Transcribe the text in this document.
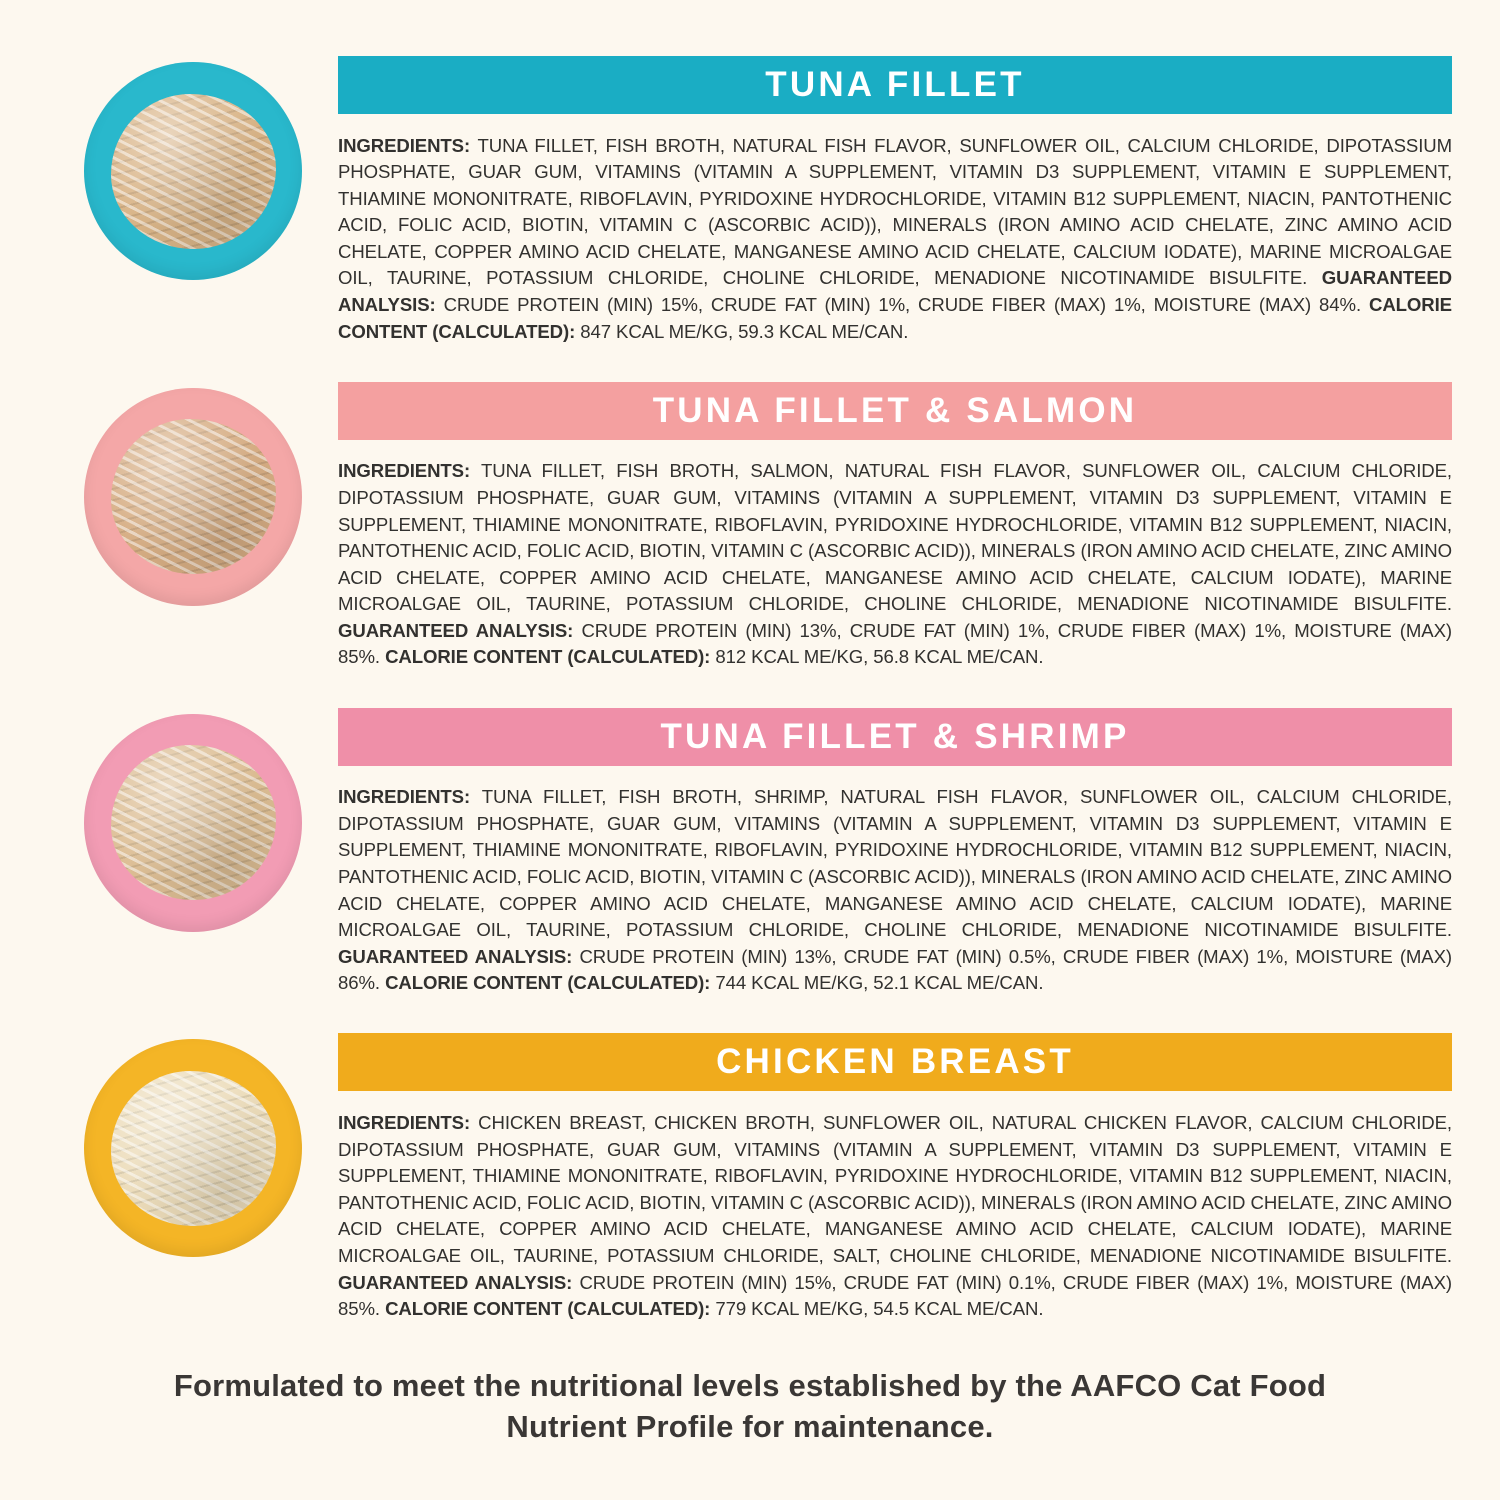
TUNA FILLET

INGREDIENTS: TUNA FILLET, FISH BROTH, NATURAL FISH FLAVOR, SUNFLOWER OIL, CALCIUM CHLORIDE, DIPOTASSIUM PHOSPHATE, GUAR GUM, VITAMINS (VITAMIN A SUPPLEMENT, VITAMIN D3 SUPPLEMENT, VITAMIN E SUPPLEMENT, THIAMINE MONONITRATE, RIBOFLAVIN, PYRIDOXINE HYDROCHLORIDE, VITAMIN B12 SUPPLEMENT, NIACIN, PANTOTHENIC ACID, FOLIC ACID, BIOTIN, VITAMIN C (ASCORBIC ACID)), MINERALS (IRON AMINO ACID CHELATE, ZINC AMINO ACID CHELATE, COPPER AMINO ACID CHELATE, MANGANESE AMINO ACID CHELATE, CALCIUM IODATE), MARINE MICROALGAE OIL, TAURINE, POTASSIUM CHLORIDE, CHOLINE CHLORIDE, MENADIONE NICOTINAMIDE BISULFITE. GUARANTEED ANALYSIS: CRUDE PROTEIN (MIN) 15%, CRUDE FAT (MIN) 1%, CRUDE FIBER (MAX) 1%, MOISTURE (MAX) 84%. CALORIE CONTENT (CALCULATED): 847 KCAL ME/KG, 59.3 KCAL ME/CAN.

TUNA FILLET & SALMON

INGREDIENTS: TUNA FILLET, FISH BROTH, SALMON, NATURAL FISH FLAVOR, SUNFLOWER OIL, CALCIUM CHLORIDE, DIPOTASSIUM PHOSPHATE, GUAR GUM, VITAMINS (VITAMIN A SUPPLEMENT, VITAMIN D3 SUPPLEMENT, VITAMIN E SUPPLEMENT, THIAMINE MONONITRATE, RIBOFLAVIN, PYRIDOXINE HYDROCHLORIDE, VITAMIN B12 SUPPLEMENT, NIACIN, PANTOTHENIC ACID, FOLIC ACID, BIOTIN, VITAMIN C (ASCORBIC ACID)), MINERALS (IRON AMINO ACID CHELATE, ZINC AMINO ACID CHELATE, COPPER AMINO ACID CHELATE, MANGANESE AMINO ACID CHELATE, CALCIUM IODATE), MARINE MICROALGAE OIL, TAURINE, POTASSIUM CHLORIDE, CHOLINE CHLORIDE, MENADIONE NICOTINAMIDE BISULFITE. GUARANTEED ANALYSIS: CRUDE PROTEIN (MIN) 13%, CRUDE FAT (MIN) 1%, CRUDE FIBER (MAX) 1%, MOISTURE (MAX) 85%. CALORIE CONTENT (CALCULATED): 812 KCAL ME/KG, 56.8 KCAL ME/CAN.

TUNA FILLET & SHRIMP

INGREDIENTS: TUNA FILLET, FISH BROTH, SHRIMP, NATURAL FISH FLAVOR, SUNFLOWER OIL, CALCIUM CHLORIDE, DIPOTASSIUM PHOSPHATE, GUAR GUM, VITAMINS (VITAMIN A SUPPLEMENT, VITAMIN D3 SUPPLEMENT, VITAMIN E SUPPLEMENT, THIAMINE MONONITRATE, RIBOFLAVIN, PYRIDOXINE HYDROCHLORIDE, VITAMIN B12 SUPPLEMENT, NIACIN, PANTOTHENIC ACID, FOLIC ACID, BIOTIN, VITAMIN C (ASCORBIC ACID)), MINERALS (IRON AMINO ACID CHELATE, ZINC AMINO ACID CHELATE, COPPER AMINO ACID CHELATE, MANGANESE AMINO ACID CHELATE, CALCIUM IODATE), MARINE MICROALGAE OIL, TAURINE, POTASSIUM CHLORIDE, CHOLINE CHLORIDE, MENADIONE NICOTINAMIDE BISULFITE. GUARANTEED ANALYSIS: CRUDE PROTEIN (MIN) 13%, CRUDE FAT (MIN) 0.5%, CRUDE FIBER (MAX) 1%, MOISTURE (MAX) 86%. CALORIE CONTENT (CALCULATED): 744 KCAL ME/KG, 52.1 KCAL ME/CAN.

CHICKEN BREAST

INGREDIENTS: CHICKEN BREAST, CHICKEN BROTH, SUNFLOWER OIL, NATURAL CHICKEN FLAVOR, CALCIUM CHLORIDE, DIPOTASSIUM PHOSPHATE, GUAR GUM, VITAMINS (VITAMIN A SUPPLEMENT, VITAMIN D3 SUPPLEMENT, VITAMIN E SUPPLEMENT, THIAMINE MONONITRATE, RIBOFLAVIN, PYRIDOXINE HYDROCHLORIDE, VITAMIN B12 SUPPLEMENT, NIACIN, PANTOTHENIC ACID, FOLIC ACID, BIOTIN, VITAMIN C (ASCORBIC ACID)), MINERALS (IRON AMINO ACID CHELATE, ZINC AMINO ACID CHELATE, COPPER AMINO ACID CHELATE, MANGANESE AMINO ACID CHELATE, CALCIUM IODATE), MARINE MICROALGAE OIL, TAURINE, POTASSIUM CHLORIDE, SALT, CHOLINE CHLORIDE, MENADIONE NICOTINAMIDE BISULFITE. GUARANTEED ANALYSIS: CRUDE PROTEIN (MIN) 15%, CRUDE FAT (MIN) 0.1%, CRUDE FIBER (MAX) 1%, MOISTURE (MAX) 85%. CALORIE CONTENT (CALCULATED): 779 KCAL ME/KG, 54.5 KCAL ME/CAN.

Formulated to meet the nutritional levels established by the AAFCO Cat Food Nutrient Profile for maintenance.
